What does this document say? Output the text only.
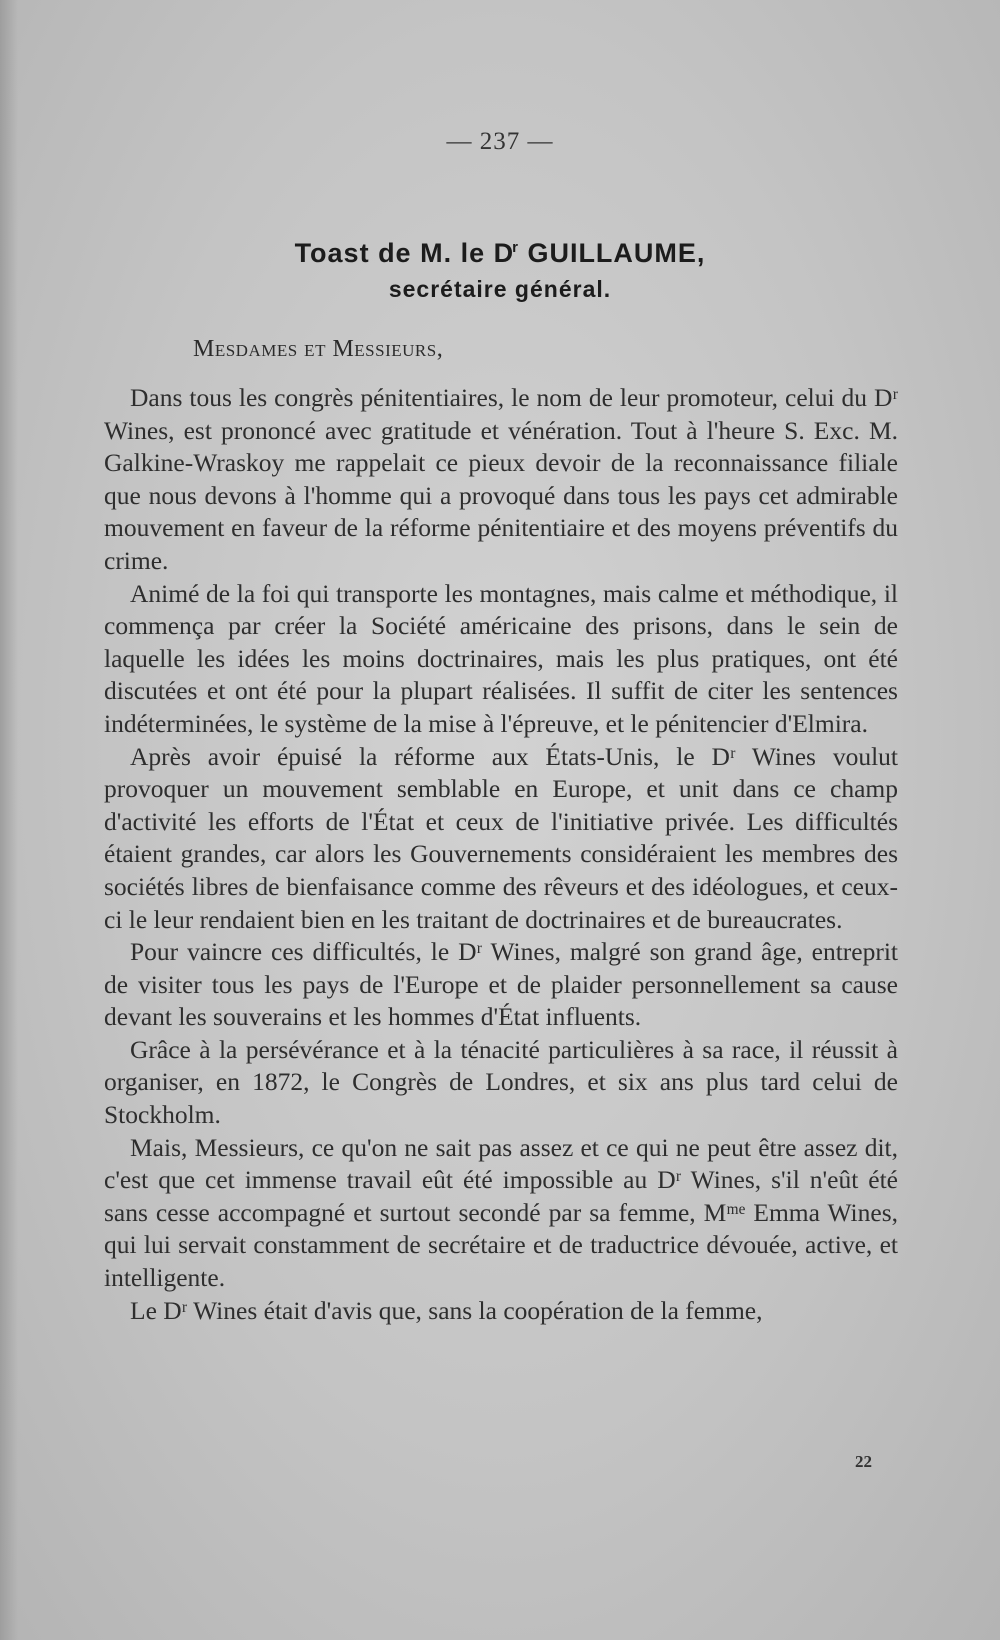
— 237 —

Toast de M. le $D^r$ GUILLAUME,

secrétaire général.

Mesdames et Messieurs,

Dans tous les congrès pénitentiaires, le nom de leur promoteur, celui du Dʳ Wines, est prononcé avec gratitude et vénération. Tout à l'heure S. Exc. M. Galkine-Wraskoy me rappelait ce pieux devoir de la reconnaissance filiale que nous devons à l'homme qui a provoqué dans tous les pays cet admirable mouvement en faveur de la réforme pénitentiaire et des moyens préventifs du crime.

Animé de la foi qui transporte les montagnes, mais calme et méthodique, il commença par créer la Société américaine des prisons, dans le sein de laquelle les idées les moins doctrinaires, mais les plus pratiques, ont été discutées et ont été pour la plupart réalisées. Il suffit de citer les sentences indéterminées, le système de la mise à l'épreuve, et le pénitencier d'Elmira.

Après avoir épuisé la réforme aux États-Unis, le Dʳ Wines voulut provoquer un mouvement semblable en Europe, et unit dans ce champ d'activité les efforts de l'État et ceux de l'initiative privée. Les difficultés étaient grandes, car alors les Gouvernements considéraient les membres des sociétés libres de bienfaisance comme des rêveurs et des idéologues, et ceux-ci le leur rendaient bien en les traitant de doctrinaires et de bureaucrates.

Pour vaincre ces difficultés, le Dʳ Wines, malgré son grand âge, entreprit de visiter tous les pays de l'Europe et de plaider personnellement sa cause devant les souverains et les hommes d'État influents.

Grâce à la persévérance et à la ténacité particulières à sa race, il réussit à organiser, en 1872, le Congrès de Londres, et six ans plus tard celui de Stockholm.

Mais, Messieurs, ce qu'on ne sait pas assez et ce qui ne peut être assez dit, c'est que cet immense travail eût été impossible au Dʳ Wines, s'il n'eût été sans cesse accompagné et surtout secondé par sa femme, Mᵐᵉ Emma Wines, qui lui servait constamment de secrétaire et de traductrice dévouée, active, et intelligente.

Le Dʳ Wines était d'avis que, sans la coopération de la femme,

22
